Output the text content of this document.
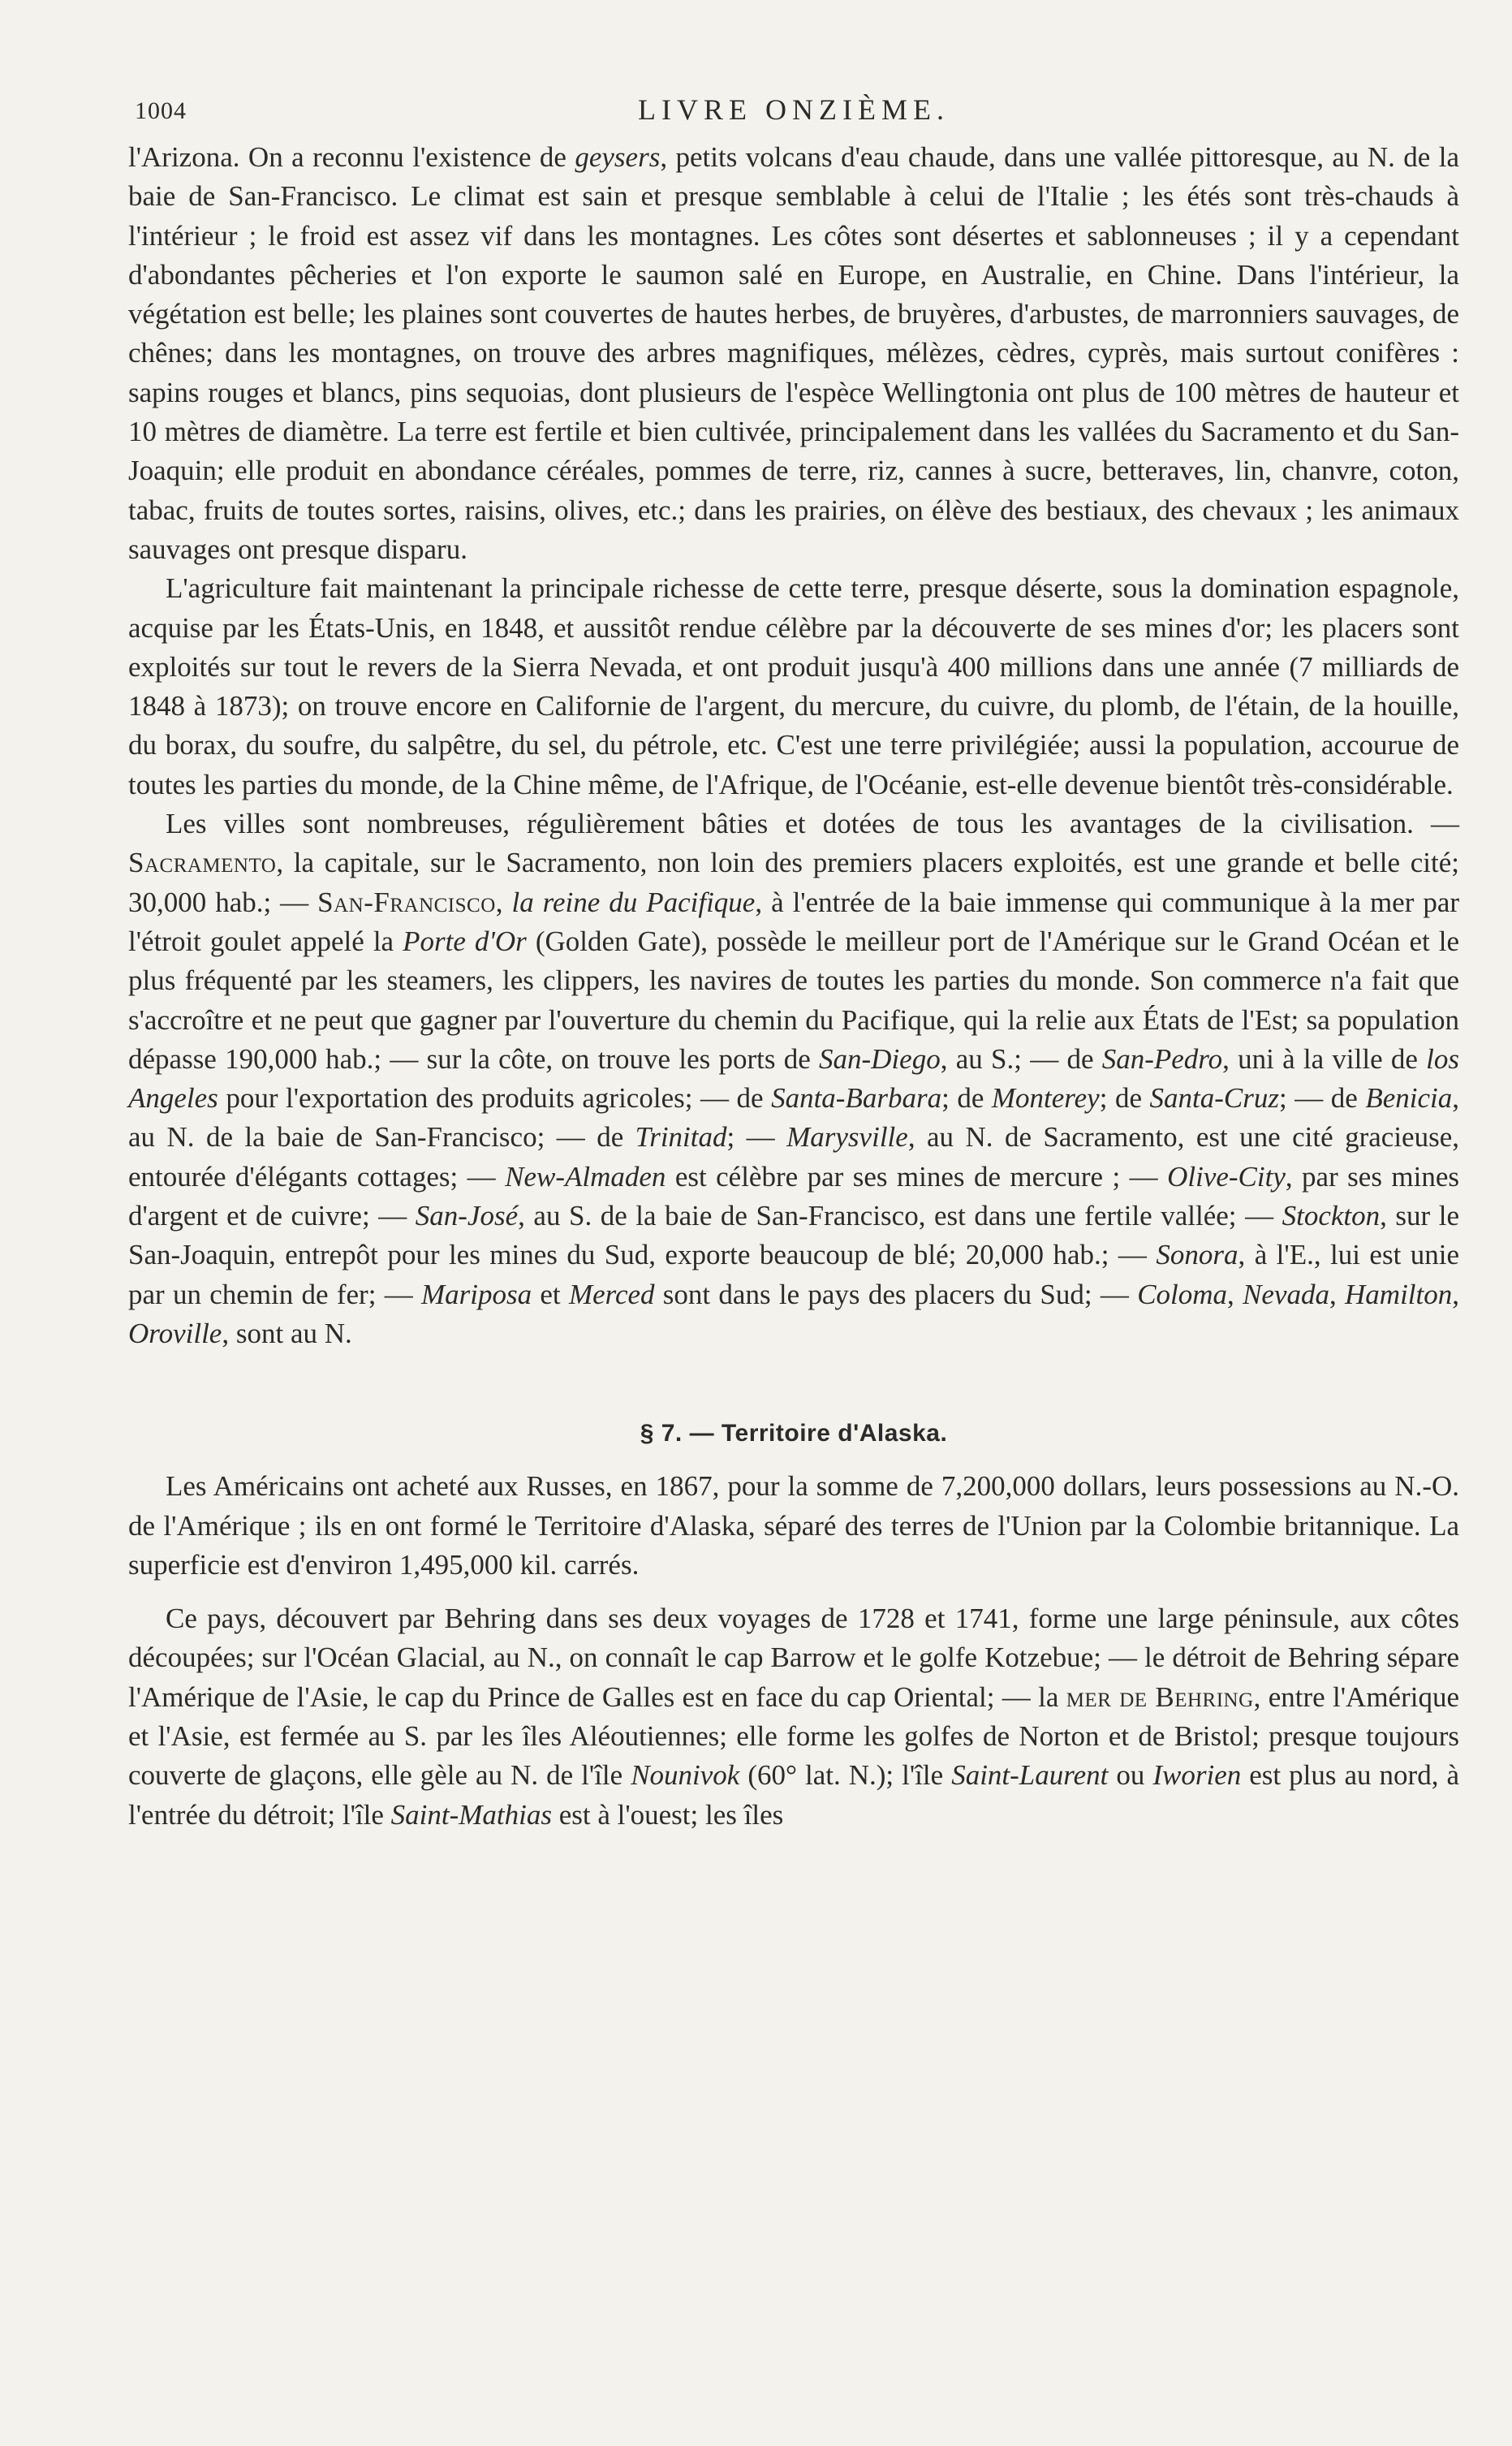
1004	LIVRE ONZIÈME.

l'Arizona. On a reconnu l'existence de geysers, petits volcans d'eau chaude, dans une vallée pittoresque, au N. de la baie de San-Francisco. Le climat est sain et presque semblable à celui de l'Italie ; les étés sont très-chauds à l'intérieur ; le froid est assez vif dans les montagnes. Les côtes sont désertes et sablonneuses ; il y a cependant d'abondantes pêcheries et l'on exporte le saumon salé en Europe, en Australie, en Chine. Dans l'intérieur, la végétation est belle; les plaines sont couvertes de hautes herbes, de bruyères, d'arbustes, de marronniers sauvages, de chênes; dans les montagnes, on trouve des arbres magnifiques, mélèzes, cèdres, cyprès, mais surtout conifères : sapins rouges et blancs, pins sequoias, dont plusieurs de l'espèce Wellingtonia ont plus de 100 mètres de hauteur et 10 mètres de diamètre. La terre est fertile et bien cultivée, principalement dans les vallées du Sacramento et du San-Joaquin; elle produit en abondance céréales, pommes de terre, riz, cannes à sucre, betteraves, lin, chanvre, coton, tabac, fruits de toutes sortes, raisins, olives, etc.; dans les prairies, on élève des bestiaux, des chevaux ; les animaux sauvages ont presque disparu.

L'agriculture fait maintenant la principale richesse de cette terre, presque déserte, sous la domination espagnole, acquise par les États-Unis, en 1848, et aussitôt rendue célèbre par la découverte de ses mines d'or; les placers sont exploités sur tout le revers de la Sierra Nevada, et ont produit jusqu'à 400 millions dans une année (7 milliards de 1848 à 1873); on trouve encore en Californie de l'argent, du mercure, du cuivre, du plomb, de l'étain, de la houille, du borax, du soufre, du salpêtre, du sel, du pétrole, etc. C'est une terre privilégiée; aussi la population, accourue de toutes les parties du monde, de la Chine même, de l'Afrique, de l'Océanie, est-elle devenue bientôt très-considérable.

Les villes sont nombreuses, régulièrement bâties et dotées de tous les avantages de la civilisation. — Sacramento, la capitale, sur le Sacramento, non loin des premiers placers exploités, est une grande et belle cité; 30,000 hab.; — San-Francisco, la reine du Pacifique, à l'entrée de la baie immense qui communique à la mer par l'étroit goulet appelé la Porte d'Or (Golden Gate), possède le meilleur port de l'Amérique sur le Grand Océan et le plus fréquenté par les steamers, les clippers, les navires de toutes les parties du monde. Son commerce n'a fait que s'accroître et ne peut que gagner par l'ouverture du chemin du Pacifique, qui la relie aux États de l'Est; sa population dépasse 190,000 hab.; — sur la côte, on trouve les ports de San-Diego, au S.; — de San-Pedro, uni à la ville de los Angeles pour l'exportation des produits agricoles; — de Santa-Barbara; de Monterey; de Santa-Cruz; — de Benicia, au N. de la baie de San-Francisco; — de Trinitad; — Marysville, au N. de Sacramento, est une cité gracieuse, entourée d'élégants cottages; — New-Almaden est célèbre par ses mines de mercure ; — Olive-City, par ses mines d'argent et de cuivre; — San-José, au S. de la baie de San-Francisco, est dans une fertile vallée; — Stockton, sur le San-Joaquin, entrepôt pour les mines du Sud, exporte beaucoup de blé; 20,000 hab.; — Sonora, à l'E., lui est unie par un chemin de fer; — Mariposa et Merced sont dans le pays des placers du Sud; — Coloma, Nevada, Hamilton, Oroville, sont au N.

§ 7. — Territoire d'Alaska.

Les Américains ont acheté aux Russes, en 1867, pour la somme de 7,200,000 dollars, leurs possessions au N.-O. de l'Amérique ; ils en ont formé le Territoire d'Alaska, séparé des terres de l'Union par la Colombie britannique. La superficie est d'environ 1,495,000 kil. carrés.

Ce pays, découvert par Behring dans ses deux voyages de 1728 et 1741, forme une large péninsule, aux côtes découpées; sur l'Océan Glacial, au N., on connaît le cap Barrow et le golfe Kotzebue; — le détroit de Behring sépare l'Amérique de l'Asie, le cap du Prince de Galles est en face du cap Oriental; — la mer de Behring, entre l'Amérique et l'Asie, est fermée au S. par les îles Aléoutiennes; elle forme les golfes de Norton et de Bristol; presque toujours couverte de glaçons, elle gèle au N. de l'île Nounivok (60° lat. N.); l'île Saint-Laurent ou Iworien est plus au nord, à l'entrée du détroit; l'île Saint-Mathias est à l'ouest; les îles
